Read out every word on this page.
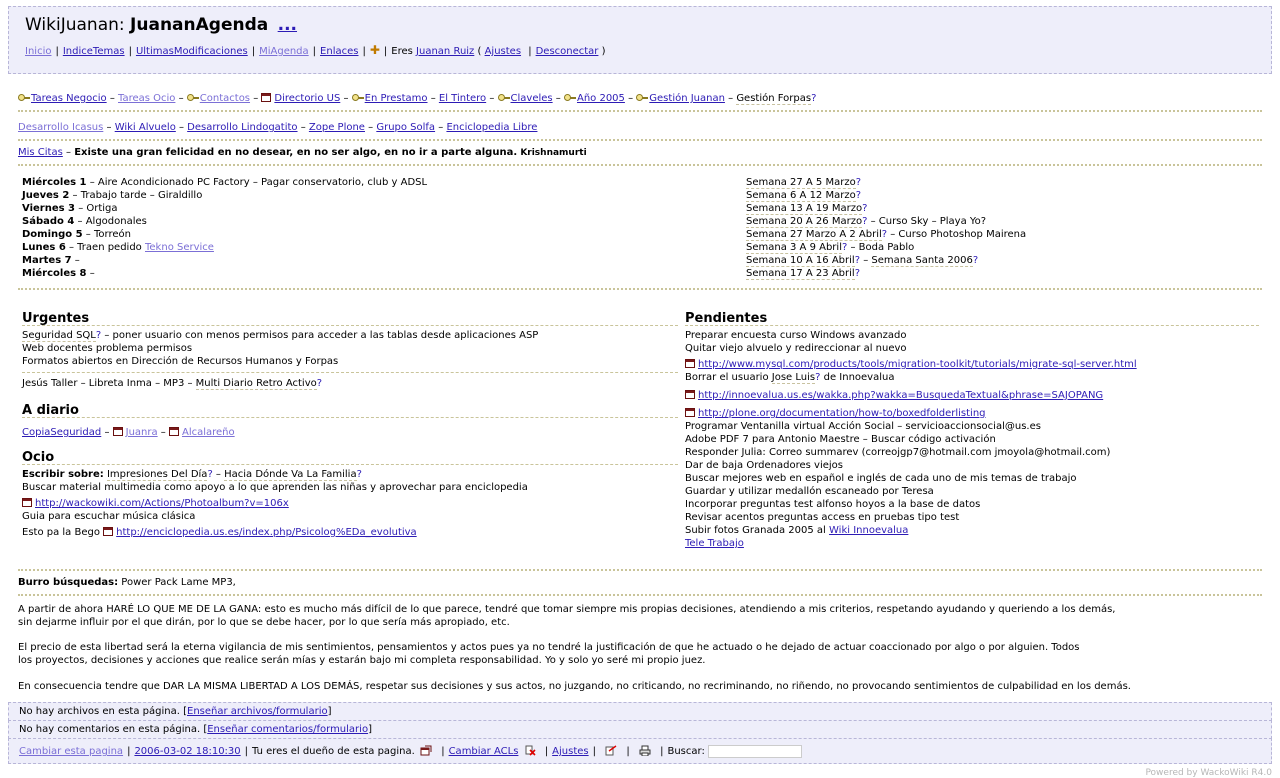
WikiJuanan: JuananAgenda ...
Inicio | IndiceTemas | UltimasModificaciones | MiAgenda | Enlaces | ✚ | Eres Juanan Ruiz ( Ajustes | Desconectar )
Tareas Negocio – Tareas Ocio – Contactos – Directorio US – En Prestamo – El Tintero – Claveles – Año 2005 – Gestión Juanan – Gestión Forpas?
Desarrollo Icasus – Wiki Alvuelo – Desarrollo Lindogatito – Zope Plone – Grupo Solfa – Enciclopedia Libre
Mis Citas – Existe una gran felicidad en no desear, en no ser algo, en no ir a parte alguna. Krishnamurti
Miércoles 1 – Aire Acondicionado PC Factory – Pagar conservatorio, club y ADSL
Jueves 2 – Trabajo tarde – Giraldillo
Viernes 3 – Ortiga
Sábado 4 – Algodonales
Domingo 5 – Torreón
Lunes 6 – Traen pedido Tekno Service
Martes 7 –
Miércoles 8 –
Semana 27 A 5 Marzo?
Semana 6 A 12 Marzo?
Semana 13 A 19 Marzo?
Semana 20 A 26 Marzo? – Curso Sky – Playa Yo?
Semana 27 Marzo A 2 Abril? – Curso Photoshop Mairena
Semana 3 A 9 Abril? – Boda Pablo
Semana 10 A 16 Abril? – Semana Santa 2006?
Semana 17 A 23 Abril?
Urgentes
Seguridad SQL? – poner usuario con menos permisos para acceder a las tablas desde aplicaciones ASP
Web docentes problema permisos
Formatos abiertos en Dirección de Recursos Humanos y Forpas
Jesús Taller – Libreta Inma – MP3 – Multi Diario Retro Activo?
A diario
CopiaSeguridad – Juanra – Alcalareño
Ocio
Escribir sobre: Impresiones Del Día? – Hacia Dónde Va La Familia?
Buscar material multimedia como apoyo a lo que aprenden las niñas y aprovechar para enciclopedia
http://wackowiki.com/Actions/Photoalbum?v=106x
Guia para escuchar música clásica
Esto pa la Bego http://enciclopedia.us.es/index.php/Psicolog%EDa_evolutiva
Pendientes
Preparar encuesta curso Windows avanzado
Quitar viejo alvuelo y redireccionar al nuevo
http://www.mysql.com/products/tools/migration-toolkit/tutorials/migrate-sql-server.html
Borrar el usuario Jose Luis? de Innoevalua
http://innoevalua.us.es/wakka.php?wakka=BusquedaTextual&phrase=SAJOPANG
http://plone.org/documentation/how-to/boxedfolderlisting
Programar Ventanilla virtual Acción Social – servicioaccionsocial@us.es
Adobe PDF 7 para Antonio Maestre – Buscar código activación
Responder Julia: Correo summarev (correojgp7@hotmail.com jmoyola@hotmail.com)
Dar de baja Ordenadores viejos
Buscar mejores web en español e inglés de cada uno de mis temas de trabajo
Guardar y utilizar medallón escaneado por Teresa
Incorporar preguntas test alfonso hoyos a la base de datos
Revisar acentos preguntas access en pruebas tipo test
Subir fotos Granada 2005 al Wiki Innoevalua
Tele Trabajo
Burro búsquedas: Power Pack Lame MP3,
A partir de ahora HARÉ LO QUE ME DE LA GANA: esto es mucho más difícil de lo que parece, tendré que tomar siempre mis propias decisiones, atendiendo a mis criterios, respetando ayudando y queriendo a los demás,
sin dejarme influir por el que dirán, por lo que se debe hacer, por lo que sería más apropiado, etc.
El precio de esta libertad será la eterna vigilancia de mis sentimientos, pensamientos y actos pues ya no tendré la justificación de que he actuado o he dejado de actuar coaccionado por algo o por alguien. Todos
los proyectos, decisiones y acciones que realice serán mías y estarán bajo mi completa responsabilidad. Yo y solo yo seré mi propio juez.
En consecuencia tendre que DAR LA MISMA LIBERTAD A LOS DEMÁS, respetar sus decisiones y sus actos, no juzgando, no criticando, no recriminando, no riñendo, no provocando sentimientos de culpabilidad en los demás.
No hay archivos en esta página. [Enseñar archivos/formulario]
No hay comentarios en esta página. [Enseñar comentarios/formulario]
Cambiar esta pagina | 2006-03-02 18:10:30 | Tu eres el dueño de esta pagina.	| Cambiar ACLs	| Ajustes |	|	| Buscar:
Powered by WackoWiki R4.0
